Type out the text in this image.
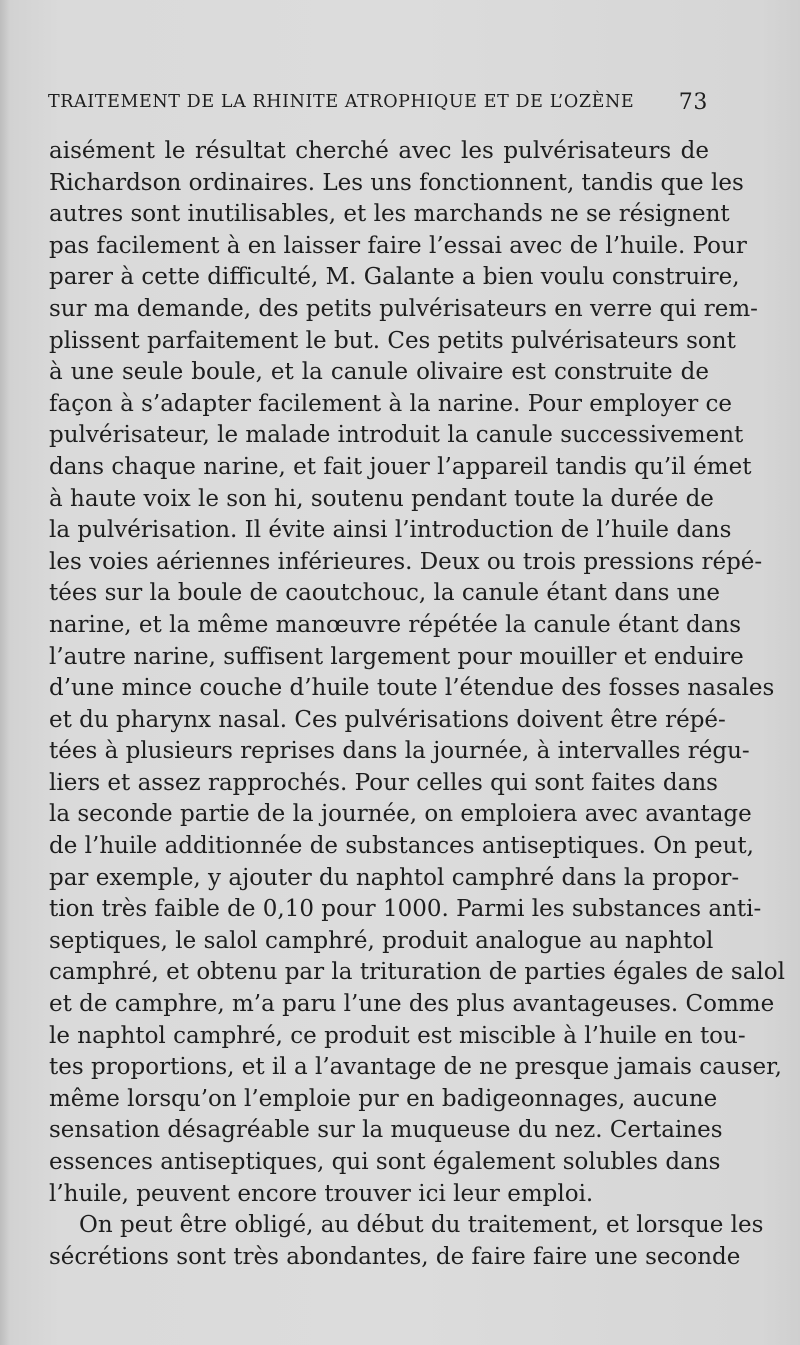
TRAITEMENT DE LA RHINITE ATROPHIQUE ET DE L’OZÈNE 73
aisément le résultat cherché avec les pulvérisateurs de
Richardson ordinaires. Les uns fonctionnent, tandis que les
autres sont inutilisables, et les marchands ne se résignent
pas facilement à en laisser faire l’essai avec de l’huile. Pour
parer à cette difficulté, M. Galante a bien voulu construire,
sur ma demande, des petits pulvérisateurs en verre qui rem-
plissent parfaitement le but. Ces petits pulvérisateurs sont
à une seule boule, et la canule olivaire est construite de
façon à s’adapter facilement à la narine. Pour employer ce
pulvérisateur, le malade introduit la canule successivement
dans chaque narine, et fait jouer l’appareil tandis qu’il émet
à haute voix le son hi, soutenu pendant toute la durée de
la pulvérisation. Il évite ainsi l’introduction de l’huile dans
les voies aériennes inférieures. Deux ou trois pressions répé-
tées sur la boule de caoutchouc, la canule étant dans une
narine, et la même manœuvre répétée la canule étant dans
l’autre narine, suffisent largement pour mouiller et enduire
d’une mince couche d’huile toute l’étendue des fosses nasales
et du pharynx nasal. Ces pulvérisations doivent être répé-
tées à plusieurs reprises dans la journée, à intervalles régu-
liers et assez rapprochés. Pour celles qui sont faites dans
la seconde partie de la journée, on emploiera avec avantage
de l’huile additionnée de substances antiseptiques. On peut,
par exemple, y ajouter du naphtol camphré dans la propor-
tion très faible de 0,10 pour 1000. Parmi les substances anti-
septiques, le salol camphré, produit analogue au naphtol
camphré, et obtenu par la trituration de parties égales de salol
et de camphre, m’a paru l’une des plus avantageuses. Comme
le naphtol camphré, ce produit est miscible à l’huile en tou-
tes proportions, et il a l’avantage de ne presque jamais causer,
même lorsqu’on l’emploie pur en badigeonnages, aucune
sensation désagréable sur la muqueuse du nez. Certaines
essences antiseptiques, qui sont également solubles dans
l’huile, peuvent encore trouver ici leur emploi.
On peut être obligé, au début du traitement, et lorsque les
sécrétions sont très abondantes, de faire faire une seconde
